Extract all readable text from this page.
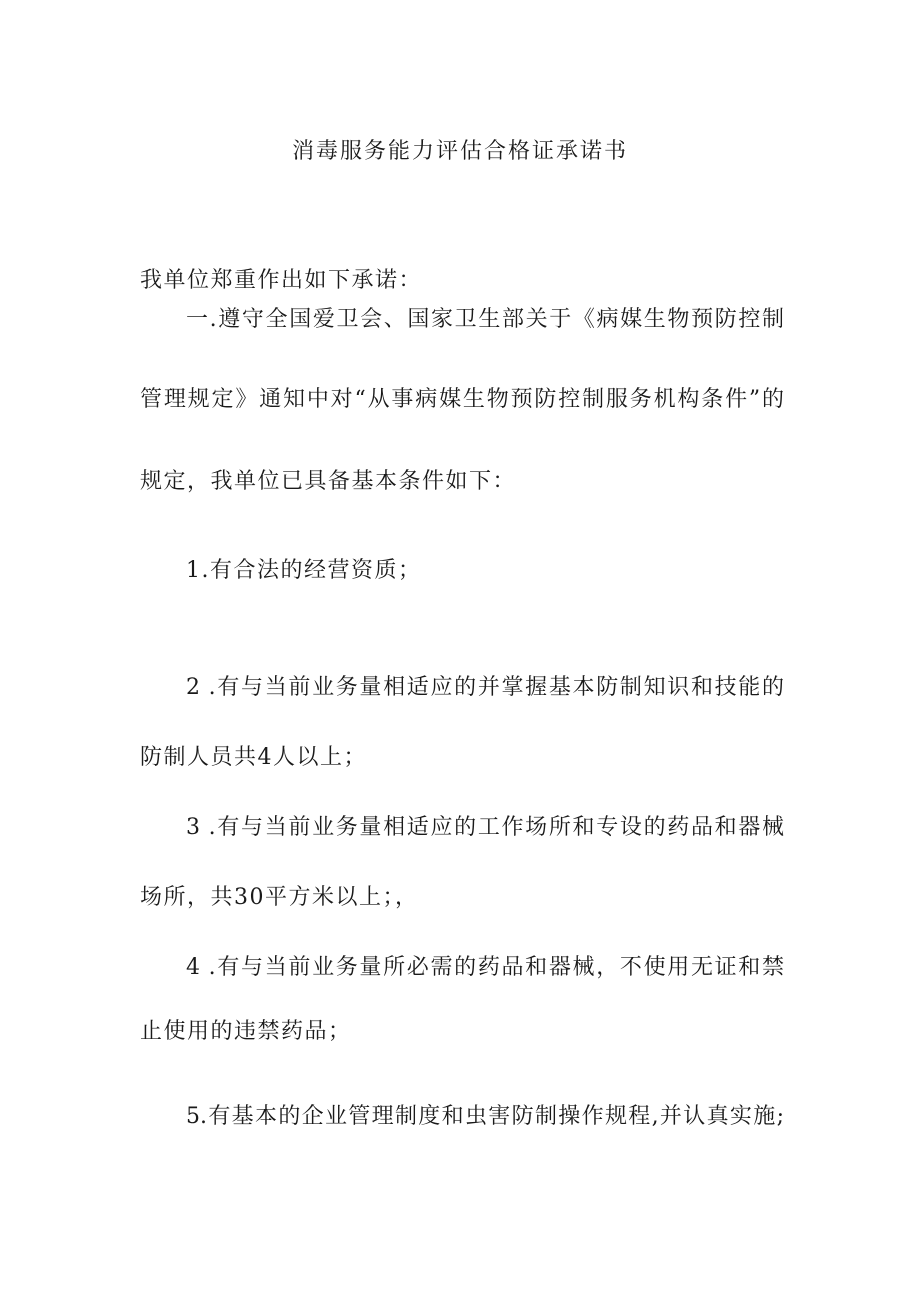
消毒服务能力评估合格证承诺书
我单位郑重作出如下承诺：
一.遵守全国爱卫会、国家卫生部关于《病媒生物预防控制
管理规定》通知中对“从事病媒生物预防控制服务机构条件”的
规定，我单位已具备基本条件如下：
1.有合法的经营资质；
2 .有与当前业务量相适应的并掌握基本防制知识和技能的
防制人员共4人以上；
3 .有与当前业务量相适应的工作场所和专设的药品和器械
场所，共30平方米以上；，
4 .有与当前业务量所必需的药品和器械，不使用无证和禁
止使用的违禁药品；
5.有基本的企业管理制度和虫害防制操作规程,并认真实施;
